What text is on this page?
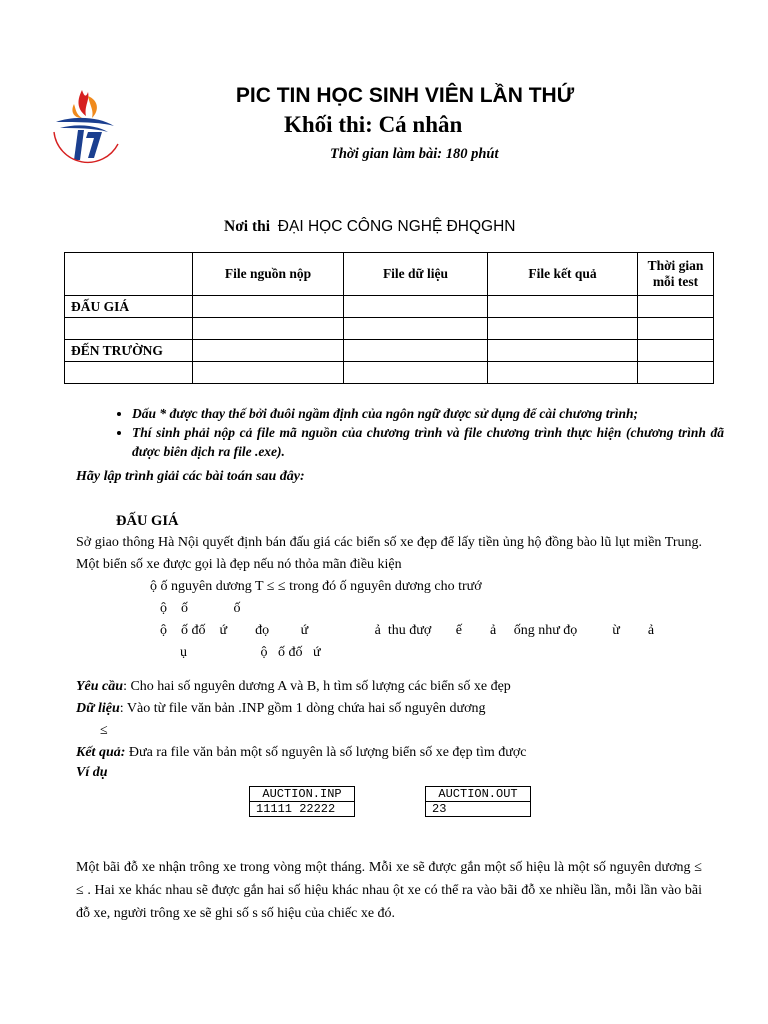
PIC TIN HỌC SINH VIÊN LẦN THỨ
Khối thi: Cá nhân
Thời gian làm bài: 180 phút
Nơi thi ĐẠI HỌC CÔNG NGHỆ ĐHQGHN
	File nguồn nộp	File dữ liệu	File kết quả	Thời gian mỗi test
ĐẤU GIÁ				

ĐẾN TRƯỜNG				

• Dấu * được thay thế bởi đuôi ngầm định của ngôn ngữ được sử dụng để cài chương trình;
• Thí sinh phải nộp cả file mã nguồn của chương trình và file chương trình thực hiện (chương trình đã được biên dịch ra file .exe).
Hãy lập trình giải các bài toán sau đây:
ĐẤU GIÁ
Sở giao thông Hà Nội quyết định bán đấu giá các biển số xe đẹp để lấy tiền ủng hộ đồng bào lũ lụt miền Trung. Một biển số xe được gọi là đẹp nếu nó thỏa mãn điều kiện
ộ ố nguyên dương T ≤ ≤ trong đó ố nguyên dương cho trướ
ộ    ố             ố
ộ    ố đố    ứ        đọ         ứ                   ả  thu đượ       ế        ả     ống như đọ          ừ        ả
ụ                     ộ   ố đố   ứ
Yêu cầu: Cho hai số nguyên dương A và B, h tìm số lượng các biển số xe đẹp
Dữ liệu: Vào từ file văn bản .INP gồm 1 dòng chứa hai số nguyên dương
≤
Kết quả: Đưa ra file văn bản một số nguyên là số lượng biển số xe đẹp tìm được
Ví dụ
AUCTION.INP
11111 22222
AUCTION.OUT
23
Một bãi đỗ xe nhận trông xe trong vòng một tháng. Mỗi xe sẽ được gắn một số hiệu là một số nguyên dương ≤ ≤ . Hai xe khác nhau sẽ được gắn hai số hiệu khác nhau ột xe có thể ra vào bãi đỗ xe nhiều lần, mỗi lần vào bãi đỗ xe, người trông xe sẽ ghi số s số hiệu của chiếc xe đó.
